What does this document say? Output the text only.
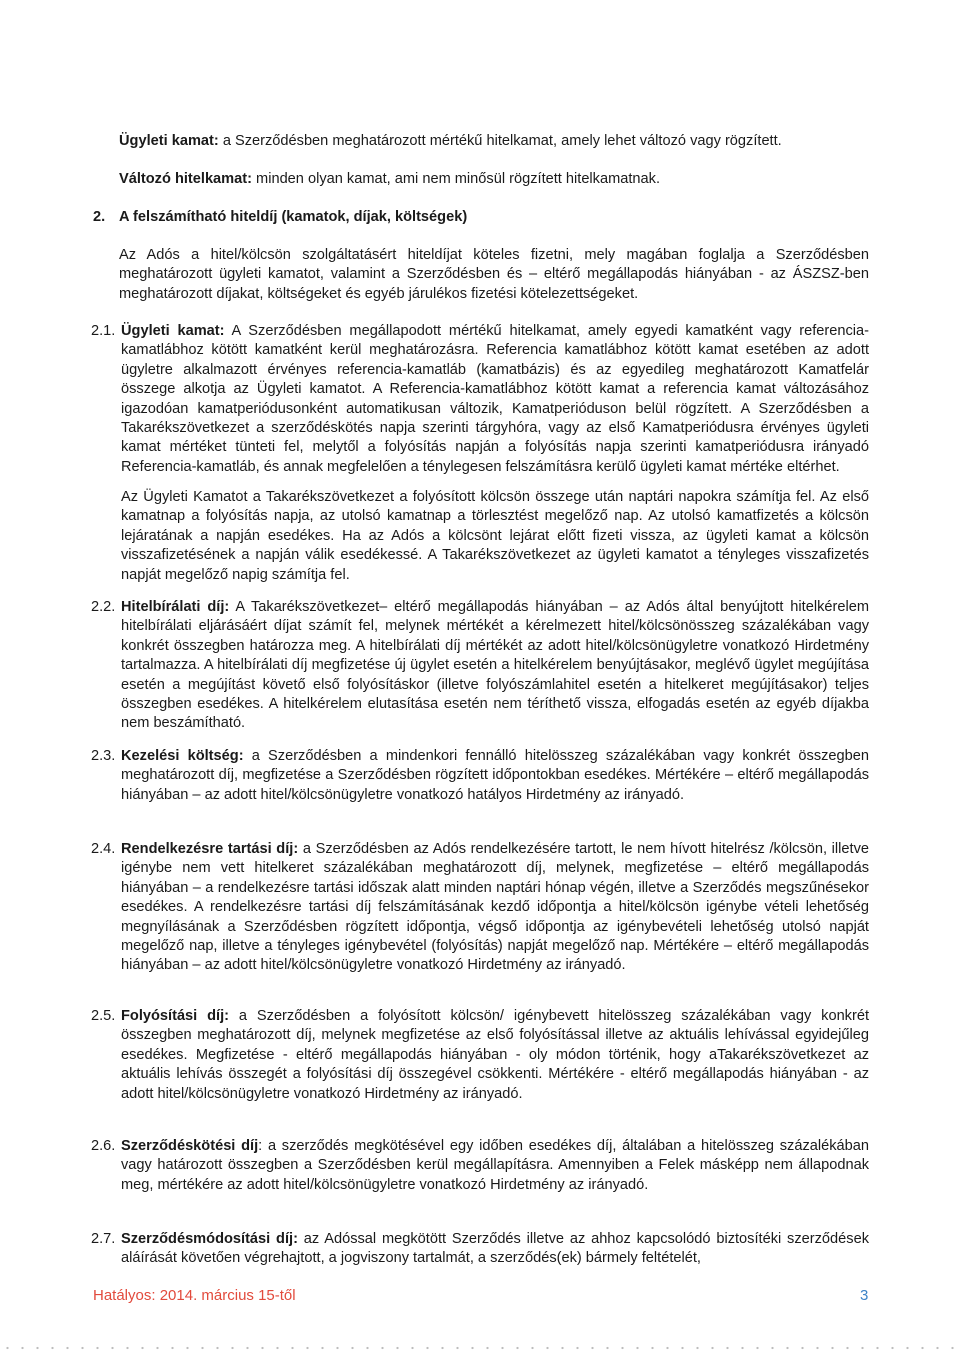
Ügyleti kamat: a Szerződésben meghatározott mértékű hitelkamat, amely lehet változó vagy rögzített.

Változó hitelkamat: minden olyan kamat, ami nem minősül rögzített hitelkamatnak.

2. A felszámítható hiteldíj (kamatok, díjak, költségek)

Az Adós a hitel/kölcsön szolgáltatásért hiteldíjat köteles fizetni, mely magában foglalja a Szerződésben meghatározott ügyleti kamatot, valamint a Szerződésben és – eltérő megállapodás hiányában - az ÁSZSZ-ben meghatározott díjakat, költségeket és egyéb járulékos fizetési kötelezettségeket.

2.1. Ügyleti kamat: A Szerződésben megállapodott mértékű hitelkamat, amely egyedi kamatként vagy referencia-kamatlábhoz kötött kamatként kerül meghatározásra. Referencia kamatlábhoz kötött kamat esetében az adott ügyletre alkalmazott érvényes referencia-kamatláb (kamatbázis) és az egyedileg meghatározott Kamatfelár összege alkotja az Ügyleti kamatot. A Referencia-kamatlábhoz kötött kamat a referencia kamat változásához igazodóan kamatperiódusonként automatikusan változik, Kamatperióduson belül rögzített. A Szerződésben a Takarékszövetkezet a szerződéskötés napja szerinti tárgyhóra, vagy az első Kamatperiódusra érvényes ügyleti kamat mértéket tünteti fel, melytől a folyósítás napján a folyósítás napja szerinti kamatperiódusra irányadó Referencia-kamatláb, és annak megfelelően a ténylegesen felszámításra kerülő ügyleti kamat mértéke eltérhet.

Az Ügyleti Kamatot a Takarékszövetkezet a folyósított kölcsön összege után naptári napokra számítja fel. Az első kamatnap a folyósítás napja, az utolsó kamatnap a törlesztést megelőző nap. Az utolsó kamatfizetés a kölcsön lejáratának a napján esedékes. Ha az Adós a kölcsönt lejárat előtt fizeti vissza, az ügyleti kamat a kölcsön visszafizetésének a napján válik esedékessé. A Takarékszövetkezet az ügyleti kamatot a tényleges visszafizetés napját megelőző napig számítja fel.

2.2. Hitelbírálati díj: A Takarékszövetkezet– eltérő megállapodás hiányában – az Adós által benyújtott hitelkérelem hitelbírálati eljárásáért díjat számít fel, melynek mértékét a kérelmezett hitel/kölcsönösszeg százalékában vagy konkrét összegben határozza meg. A hitelbírálati díj mértékét az adott hitel/kölcsönügyletre vonatkozó Hirdetmény tartalmazza. A hitelbírálati díj megfizetése új ügylet esetén a hitelkérelem benyújtásakor, meglévő ügylet megújítása esetén a megújítást követő első folyósításkor (illetve folyószámlahitel esetén a hitelkeret megújításakor) teljes összegben esedékes. A hitelkérelem elutasítása esetén nem téríthető vissza, elfogadás esetén az egyéb díjakba nem beszámítható.

2.3. Kezelési költség: a Szerződésben a mindenkori fennálló hitelösszeg százalékában vagy konkrét összegben meghatározott díj, megfizetése a Szerződésben rögzített időpontokban esedékes. Mértékére – eltérő megállapodás hiányában – az adott hitel/kölcsönügyletre vonatkozó hatályos Hirdetmény az irányadó.

2.4. Rendelkezésre tartási díj: a Szerződésben az Adós rendelkezésére tartott, le nem hívott hitelrész /kölcsön, illetve igénybe nem vett hitelkeret százalékában meghatározott díj, melynek, megfizetése – eltérő megállapodás hiányában – a rendelkezésre tartási időszak alatt minden naptári hónap végén, illetve a Szerződés megszűnésekor esedékes. A rendelkezésre tartási díj felszámításának kezdő időpontja a hitel/kölcsön igénybe vételi lehetőség megnyílásának a Szerződésben rögzített időpontja, végső időpontja az igénybevételi lehetőség utolsó napját megelőző nap, illetve a tényleges igénybevétel (folyósítás) napját megelőző nap. Mértékére – eltérő megállapodás hiányában – az adott hitel/kölcsönügyletre vonatkozó Hirdetmény az irányadó.

2.5. Folyósítási díj: a Szerződésben a folyósított kölcsön/ igénybevett hitelösszeg százalékában vagy konkrét összegben meghatározott díj, melynek megfizetése az első folyósítással illetve az aktuális lehívással egyidejűleg esedékes. Megfizetése - eltérő megállapodás hiányában - oly módon történik, hogy aTakarékszövetkezet az aktuális lehívás összegét a folyósítási díj összegével csökkenti. Mértékére - eltérő megállapodás hiányában - az adott hitel/kölcsönügyletre vonatkozó Hirdetmény az irányadó.

2.6. Szerződéskötési díj: a szerződés megkötésével egy időben esedékes díj, általában a hitelösszeg százalékában vagy határozott összegben a Szerződésben kerül megállapításra. Amennyiben a Felek másképp nem állapodnak meg, mértékére az adott hitel/kölcsönügyletre vonatkozó Hirdetmény az irányadó.

2.7. Szerződésmódosítási díj: az Adóssal megkötött Szerződés illetve az ahhoz kapcsolódó biztosítéki szerződések aláírását követően végrehajtott, a jogviszony tartalmát, a szerződés(ek) bármely feltételét,

Hatályos: 2014. március 15-től	3
